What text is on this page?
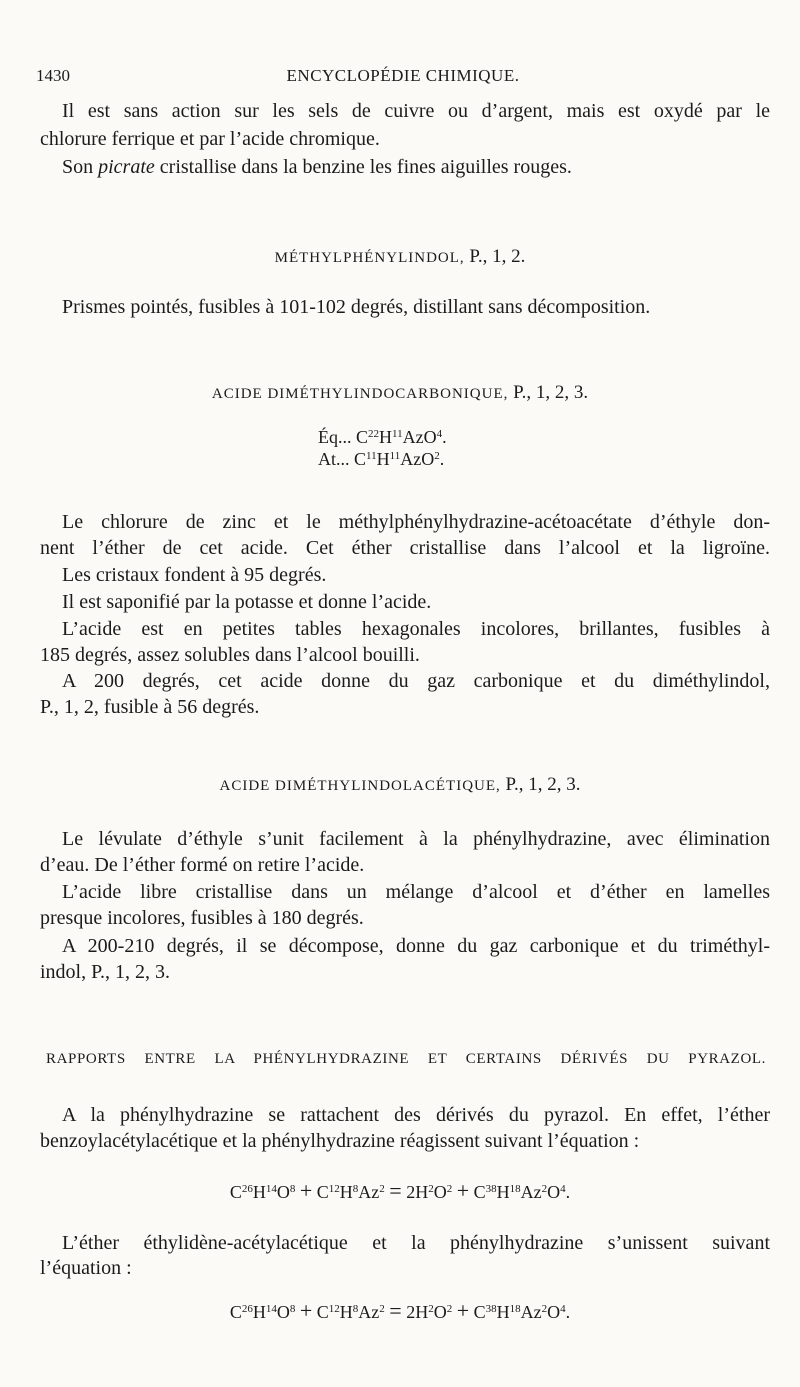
1430	ENCYCLOPÉDIE CHIMIQUE.
Il est sans action sur les sels de cuivre ou d’argent, mais est oxydé par le
chlorure ferrique et par l’acide chromique.
Son picrate cristallise dans la benzine les fines aiguilles rouges.
MÉTHYLPHÉNYLINDOL, P., 1, 2.
Prismes pointés, fusibles à 101-102 degrés, distillant sans décomposition.
ACIDE DIMÉTHYLINDOCARBONIQUE, P., 1, 2, 3.
Éq... $C^{22}H^{11}AzO^4$.
At... $C^{11}H^{11}AzO^2$.
Le chlorure de zinc et le méthylphénylhydrazine-acétoacétate d’éthyle don-
nent l’éther de cet acide. Cet éther cristallise dans l’alcool et la ligroïne.
Les cristaux fondent à 95 degrés.
Il est saponifié par la potasse et donne l’acide.
L’acide est en petites tables hexagonales incolores, brillantes, fusibles à
185 degrés, assez solubles dans l’alcool bouilli.
A 200 degrés, cet acide donne du gaz carbonique et du diméthylindol,
P., 1, 2, fusible à 56 degrés.
ACIDE DIMÉTHYLINDOLACÉTIQUE, P., 1, 2, 3.
Le lévulate d’éthyle s’unit facilement à la phénylhydrazine, avec élimination
d’eau. De l’éther formé on retire l’acide.
L’acide libre cristallise dans un mélange d’alcool et d’éther en lamelles
presque incolores, fusibles à 180 degrés.
A 200-210 degrés, il se décompose, donne du gaz carbonique et du triméthyl-
indol, P., 1, 2, 3.
RAPPORTS ENTRE LA PHÉNYLHYDRAZINE ET CERTAINS DÉRIVÉS DU PYRAZOL.
A la phénylhydrazine se rattachent des dérivés du pyrazol. En effet, l’éther
benzoylacétylacétique et la phénylhydrazine réagissent suivant l’équation :
$C^{26}H^{14}O^8 + C^{12}H^8Az^2 = 2H^2O^2 + C^{38}H^{18}Az^2O^4$.
L’éther éthylidène-acétylacétique et la phénylhydrazine s’unissent suivant
l’équation :
$C^{26}H^{14}O^8 + C^{12}H^8Az^2 = 2H^2O^2 + C^{38}H^{18}Az^2O^4$.
